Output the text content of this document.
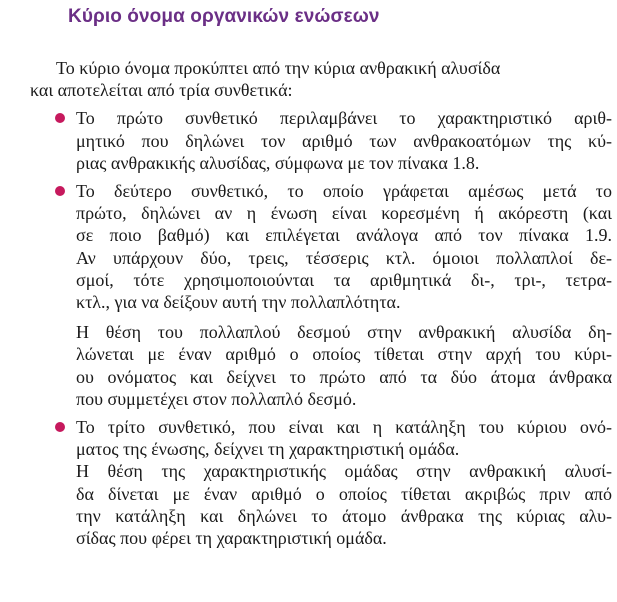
Κύριο όνομα οργανικών ενώσεων

Το κύριο όνομα προκύπτει από την κύρια ανθρακική αλυσίδα
και αποτελείται από τρία συνθετικά:

Το πρώτο συνθετικό περιλαμβάνει το χαρακτηριστικό αριθ-
μητικό που δηλώνει τον αριθμό των ανθρακοατόμων της κύ-
ριας ανθρακικής αλυσίδας, σύμφωνα με τον πίνακα 1.8.
Το δεύτερο συνθετικό, το οποίο γράφεται αμέσως μετά το
πρώτο, δηλώνει αν η ένωση είναι κορεσμένη ή ακόρεστη (και
σε ποιο βαθμό) και επιλέγεται ανάλογα από τον πίνακα 1.9.
Αν υπάρχουν δύο, τρεις, τέσσερις κτλ. όμοιοι πολλαπλοί δε-
σμοί, τότε χρησιμοποιούνται τα αριθμητικά δι-, τρι-, τετρα-
κτλ., για να δείξουν αυτή την πολλαπλότητα.
Η θέση του πολλαπλού δεσμού στην ανθρακική αλυσίδα δη-
λώνεται με έναν αριθμό ο οποίος τίθεται στην αρχή του κύρι-
ου ονόματος και δείχνει το πρώτο από τα δύο άτομα άνθρακα
που συμμετέχει στον πολλαπλό δεσμό.
Το τρίτο συνθετικό, που είναι και η κατάληξη του κύριου ονό-
ματος της ένωσης, δείχνει τη χαρακτηριστική ομάδα.
Η θέση της χαρακτηριστικής ομάδας στην ανθρακική αλυσί-
δα δίνεται με έναν αριθμό ο οποίος τίθεται ακριβώς πριν από
την κατάληξη και δηλώνει το άτομο άνθρακα της κύριας αλυ-
σίδας που φέρει τη χαρακτηριστική ομάδα.
